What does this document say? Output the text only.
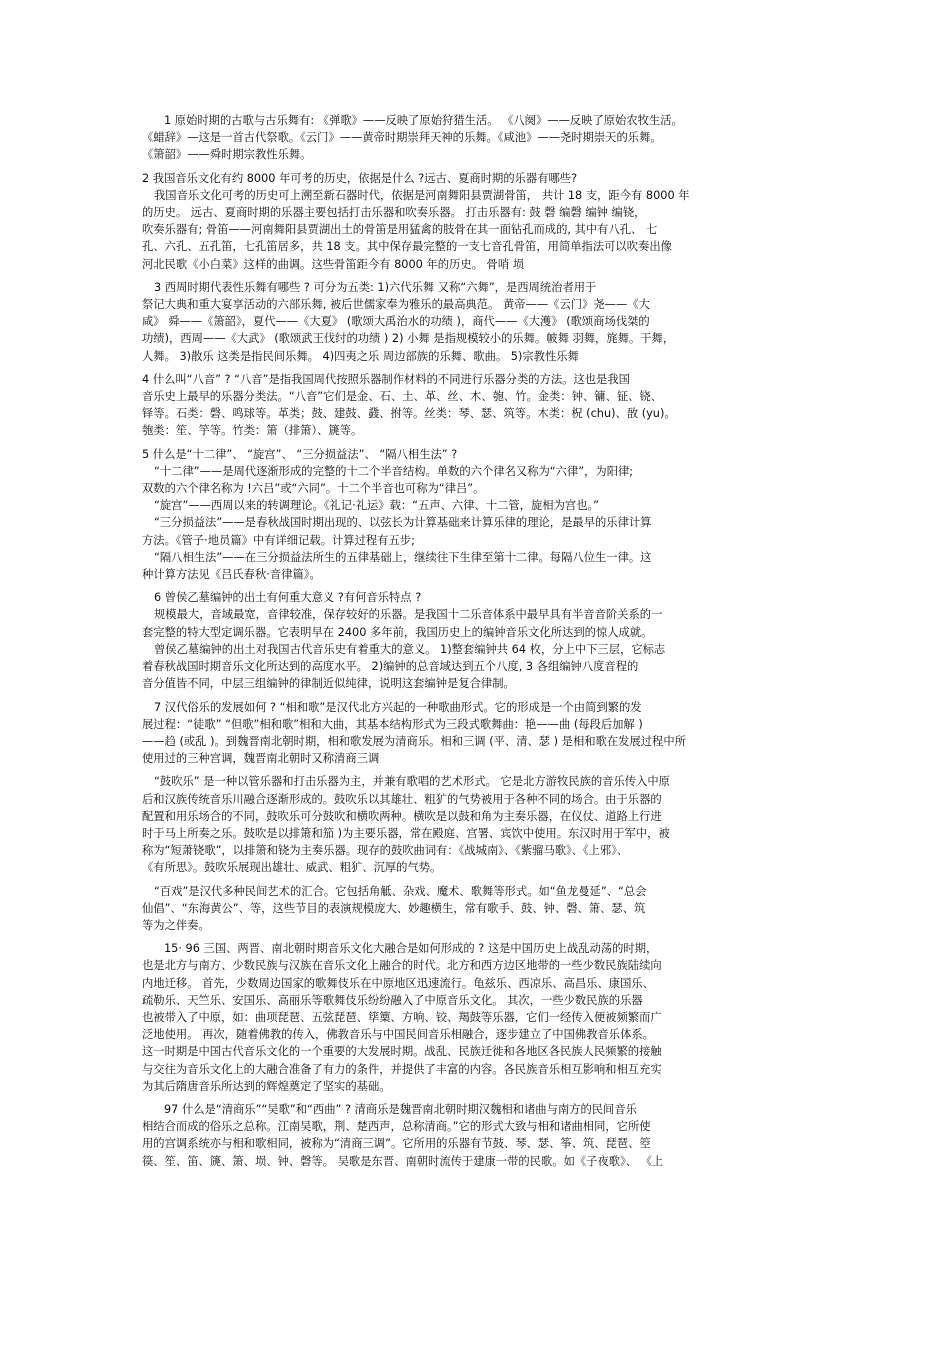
1 原始时期的古歌与古乐舞有: 《弹歌》——反映了原始狩猎生活。 《八阕》——反映了原始农牧生活。

《蜡辞》—这是一首古代祭歌。《云门》——黄帝时期崇拜天神的乐舞。《咸池》——尧时期崇天的乐舞。

《箫韶》——舜时期宗教性乐舞。

2 我国音乐文化有约 8000 年可考的历史，依据是什么 ?远古、夏商时期的乐器有哪些?

我国音乐文化可考的历史可上溯至新石器时代，依据是河南舞阳县贾湖骨笛， 共计 18 支，距今有 8000 年

的历史。 远古、夏商时期的乐器主要包括打击乐器和吹奏乐器。 打击乐器有: 鼓 磬 编磬 编钟 编铙，

吹奏乐器有; 骨笛——河南舞阳县贾湖出土的骨笛是用猛禽的肢骨在其一面钻孔而成的, 其中有八孔、 七

孔、六孔、五孔笛，七孔笛居多，共 18 支。其中保存最完整的一支七音孔骨笛，用简单指法可以吹奏出像

河北民歌《小白菜》这样的曲调。这些骨笛距今有 8000 年的历史。 骨哨 埙

3 西周时期代表性乐舞有哪些 ? 可分为五类: 1)六代乐舞 又称“六舞”，是西周统治者用于

祭记大典和重大宴享活动的六部乐舞, 被后世儒家奉为雅乐的最高典范。 黄帝——《云门》尧——《大

咸》 舜——《箫韶》，夏代——《大夏》 (歌颂大禹治水的功绩 )，商代——《大濩》 (歌颂商场伐桀的

功绩)，西周——《大武》 (歌颂武王伐纣的功绩 ) 2) 小舞 是指规模较小的乐舞。帔舞 羽舞，旄舞。干舞，

人舞。 3)散乐 这类是指民间乐舞。 4)四夷之乐 周边部族的乐舞、歌曲。 5)宗教性乐舞

4 什么叫“八音” ? “八音”是指我国周代按照乐器制作材料的不同进行乐器分类的方法。这也是我国

音乐史上最早的乐器分类法。“八音”它们是金、石、土、革、丝、木、匏、竹。金类：钟、镛、钲、铙、

铎等。石类：磬、鸣球等。革类；鼓、建鼓、鼗、拊等。丝类：琴、瑟、筑等。木类：柷 (chu)、敔 (yu)。

匏类：笙、竽等。竹类：箫（排箫）、篪等。

5 什么是“十二律”、 “旋宫”、 “三分损益法”、 “隔八相生法” ?

“十二律”——是周代逐渐形成的完整的十二个半音结构。单数的六个律名又称为“六律”，为阳律;

双数的六个律名称为 !六吕”或“六同”。十二个半音也可称为“律吕”。

“旋宫”——西周以来的转调理论。《礼记·礼运》载：“五声、六律、十二管，旋相为宫也。”

“三分损益法”——是春秋战国时期出现的、以弦长为计算基础来计算乐律的理论，是最早的乐律计算

方法。《管子·地员篇》中有详细记载。计算过程有五步;

“隔八相生法”——在三分损益法所生的五律基础上，继续往下生律至第十二律。每隔八位生一律。这

种计算方法见《吕氏春秋·音律篇》。

6 曾侯乙墓编钟的出土有何重大意义 ?有何音乐特点 ?

规模最大，音域最宽，音律较准，保存较好的乐器。是我国十二乐音体系中最早具有半音音阶关系的一

套完整的特大型定调乐器。它表明早在 2400 多年前，我国历史上的编钟音乐文化所达到的惊人成就。

曾侯乙墓编钟的出土对我国古代音乐史有着重大的意义。 1)整套编钟共 64 枚，分上中下三层，它标志

着春秋战国时期音乐文化所达到的高度水平。 2)编钟的总音域达到五个八度, 3 各组编钟八度音程的

音分值皆不同，中层三组编钟的律制近似纯律，说明这套编钟是复合律制。

7 汉代俗乐的发展如何 ? “相和歌”是汉代北方兴起的一种歌曲形式。它的形成是一个由简到繁的发

展过程：“徒歌” “但歌”相和歌”相和大曲，其基本结构形式为三段式歌舞曲：艳——曲 (每段后加解 )

——趋 (或乱 )。到魏晋南北朝时期，相和歌发展为清商乐。相和三调 (平、清、瑟 ) 是相和歌在发展过程中所

使用过的三种宫调，魏晋南北朝时又称清商三调

“鼓吹乐” 是一种以管乐器和打击乐器为主，并兼有歌唱的艺术形式。 它是北方游牧民族的音乐传入中原

后和汉族传统音乐川融合逐渐形成的。鼓吹乐以其雄壮、粗犷的气势被用于各种不同的场合。由于乐器的

配置和用乐场合的不同，鼓吹乐可分鼓吹和横吹两种。横吹是以鼓和角为主奏乐器，在仪仗、道路上行进

时于马上所奏之乐。鼓吹是以排箫和笳 )为主要乐器，常在殿庭、宫署、宾饮中使用。东汉时用于军中，被

称为“短萧铙歌”，以排箫和铙为主奏乐器。现存的鼓吹曲词有：《战城南》、《紫骝马歌》、《上邪》、

《有所思》。鼓吹乐展现出雄壮、威武、粗犷、沉厚的气势。

“百戏”是汉代多种民间艺术的汇合。它包括角觝、杂戏、魔术、歌舞等形式。如“鱼龙曼延”、“总会

仙倡”、“东海黄公”、等，这些节目的表演规模庞大、妙趣横生，常有歌手、鼓、钟、磬、箫、瑟、筑

等为之伴奏。

15· 96 三国、两晋、南北朝时期音乐文化大融合是如何形成的 ? 这是中国历史上战乱动荡的时期，

也是北方与南方、少数民族与汉族在音乐文化上融合的时代。北方和西方边区地带的一些少数民族陆续向

内地迁移。 首先，少数周边国家的歌舞伎乐在中原地区迅速流行。龟兹乐、西凉乐、高昌乐、康国乐、

疏勒乐、天竺乐、安国乐、高丽乐等歌舞伎乐纷纷融入了中原音乐文化。 其次，一些少数民族的乐器

也被带入了中原，如：曲项琵琶、五弦琵琶、筚篥、方响、铰、羯鼓等乐器，它们一经传入便被频繁而广

泛地使用。 再次，随着佛教的传入，佛教音乐与中国民间音乐相融合，逐步建立了中国佛教音乐体系。

这一时期是中国古代音乐文化的一个重要的大发展时期。战乱、民族迁徙和各地区各民族人民频繁的接触

与交往为音乐文化上的大融合准备了有力的条件，并提供了丰富的内容。各民族音乐相互影响和相互充实

为其后隋唐音乐所达到的辉煌奠定了坚实的基础。

97 什么是“清商乐”“吴歌”和“西曲” ? 清商乐是魏晋南北朝时期汉魏相和诸曲与南方的民间音乐

相结合而成的俗乐之总称。江南吴歌，荆、楚西声，总称清商。”它的形式大致与相和诸曲相同，它所使

用的宫调系统亦与相和歌相同，被称为“清商三调”。它所用的乐器有节鼓、琴、瑟、筝、筑、琵琶、箜

篌、笙、笛、篪、箫、埙、钟、磬等。 吴歌是东晋、南朝时流传于建康一带的民歌。如《子夜歌》、 《上
